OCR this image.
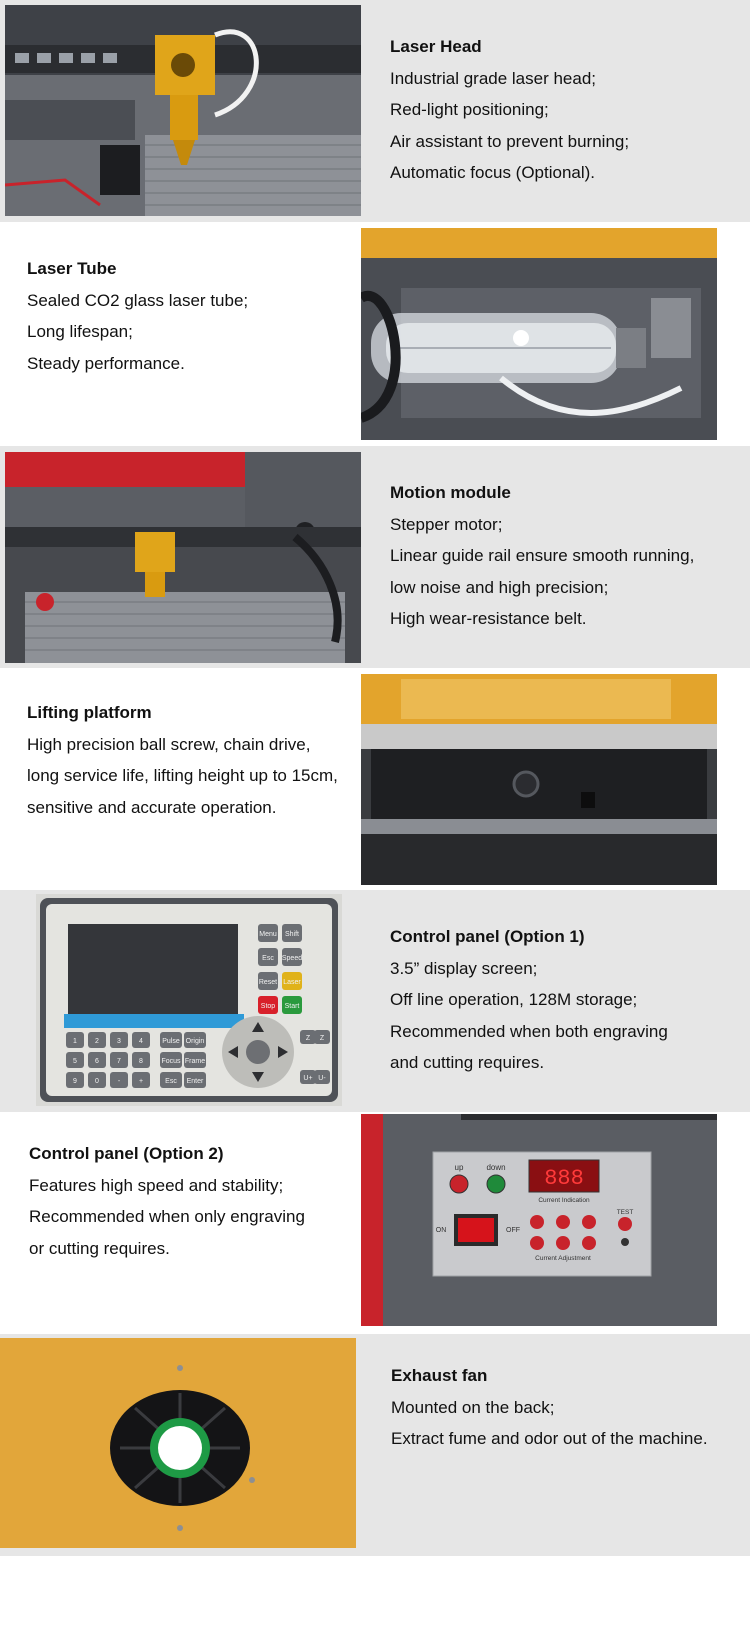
Laser Head

Industrial grade laser head;

Red-light positioning;

Air assistant to prevent burning;

Automatic focus (Optional).

Laser Tube

Sealed CO2 glass laser tube;

Long lifespan;

Steady performance.

Motion module

Stepper motor;

Linear guide rail ensure smooth running,

low noise and high precision;

High wear-resistance belt.

Lifting platform

High precision ball screw, chain drive,

long service life, lifting height up to 15cm,

sensitive and accurate operation.

Menu Shift
Esc Speed
Reset Laser
Stop Start
1	2	3	4
5	6	7	8
9	0	-	+
Pulse Origin
Focus Frame
Esc Enter
Z Z
U+ U-
Control panel (Option 1)

3.5” display screen;

Off line operation, 128M storage;

Recommended when both engraving

and cutting requires.

Control panel (Option 2)

Features high speed and stability;

Recommended when only engraving

or cutting requires.

up	down 888
Current Indication
ON	OFF
TEST
Current Adjustment
Exhaust fan

Mounted on the back;

Extract fume and odor out of the machine.
